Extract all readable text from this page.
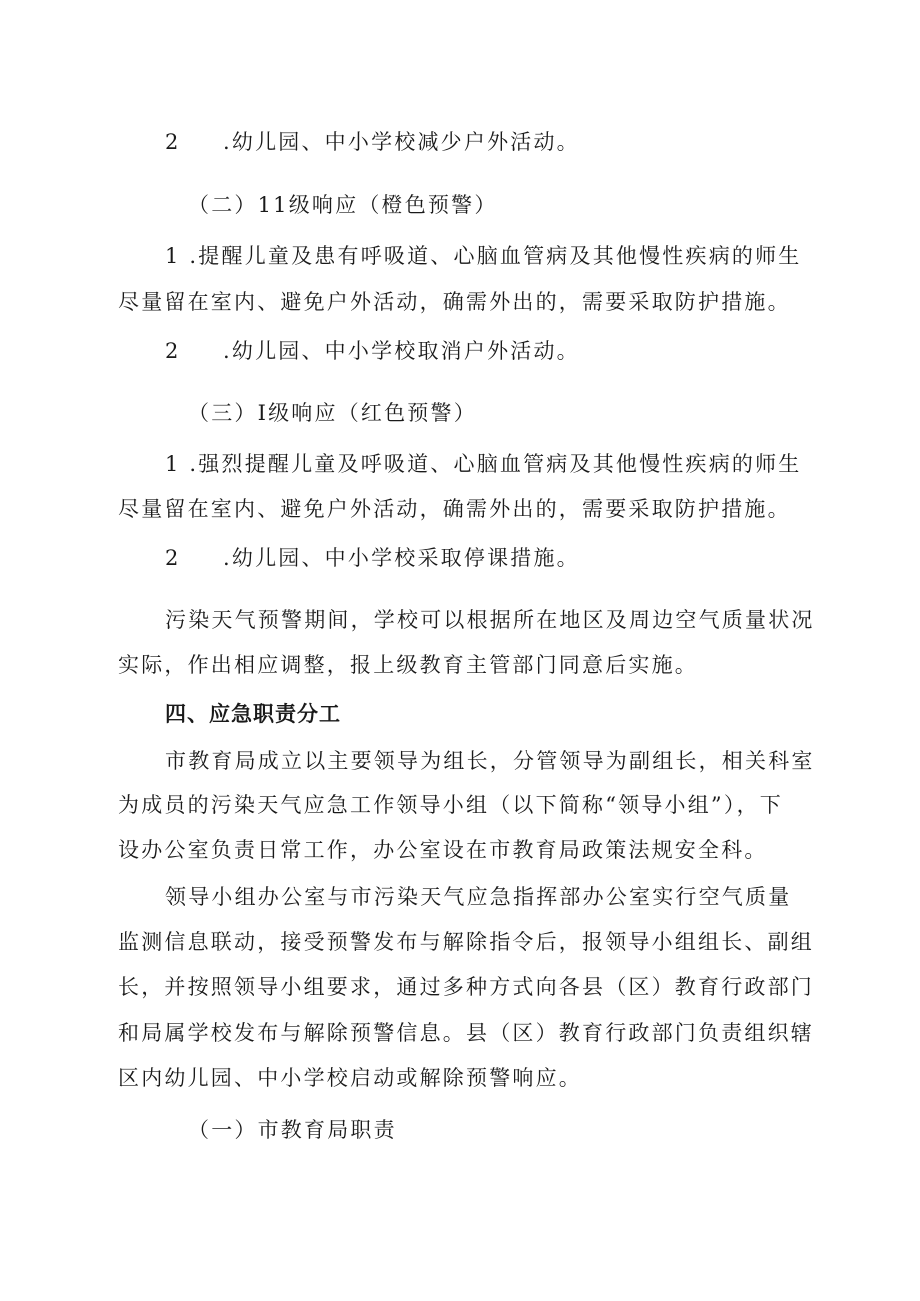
2 .幼儿园、中小学校减少户外活动。
（二）11级响应（橙色预警）
1 .提醒儿童及患有呼吸道、心脑血管病及其他慢性疾病的师生
尽量留在室内、避免户外活动，确需外出的，需要采取防护措施。
2 .幼儿园、中小学校取消户外活动。
（三）I级响应（红色预警）
1 .强烈提醒儿童及呼吸道、心脑血管病及其他慢性疾病的师生
尽量留在室内、避免户外活动，确需外出的，需要采取防护措施。
2 .幼儿园、中小学校采取停课措施。
污染天气预警期间，学校可以根据所在地区及周边空气质量状况
实际，作出相应调整，报上级教育主管部门同意后实施。
四、应急职责分工
市教育局成立以主要领导为组长，分管领导为副组长，相关科室
为成员的污染天气应急工作领导小组（以下简称“领导小组”），下
设办公室负责日常工作，办公室设在市教育局政策法规安全科。
领导小组办公室与市污染天气应急指挥部办公室实行空气质量
监测信息联动，接受预警发布与解除指令后，报领导小组组长、副组
长，并按照领导小组要求，通过多种方式向各县（区）教育行政部门
和局属学校发布与解除预警信息。县（区）教育行政部门负责组织辖
区内幼儿园、中小学校启动或解除预警响应。
（一）市教育局职责
